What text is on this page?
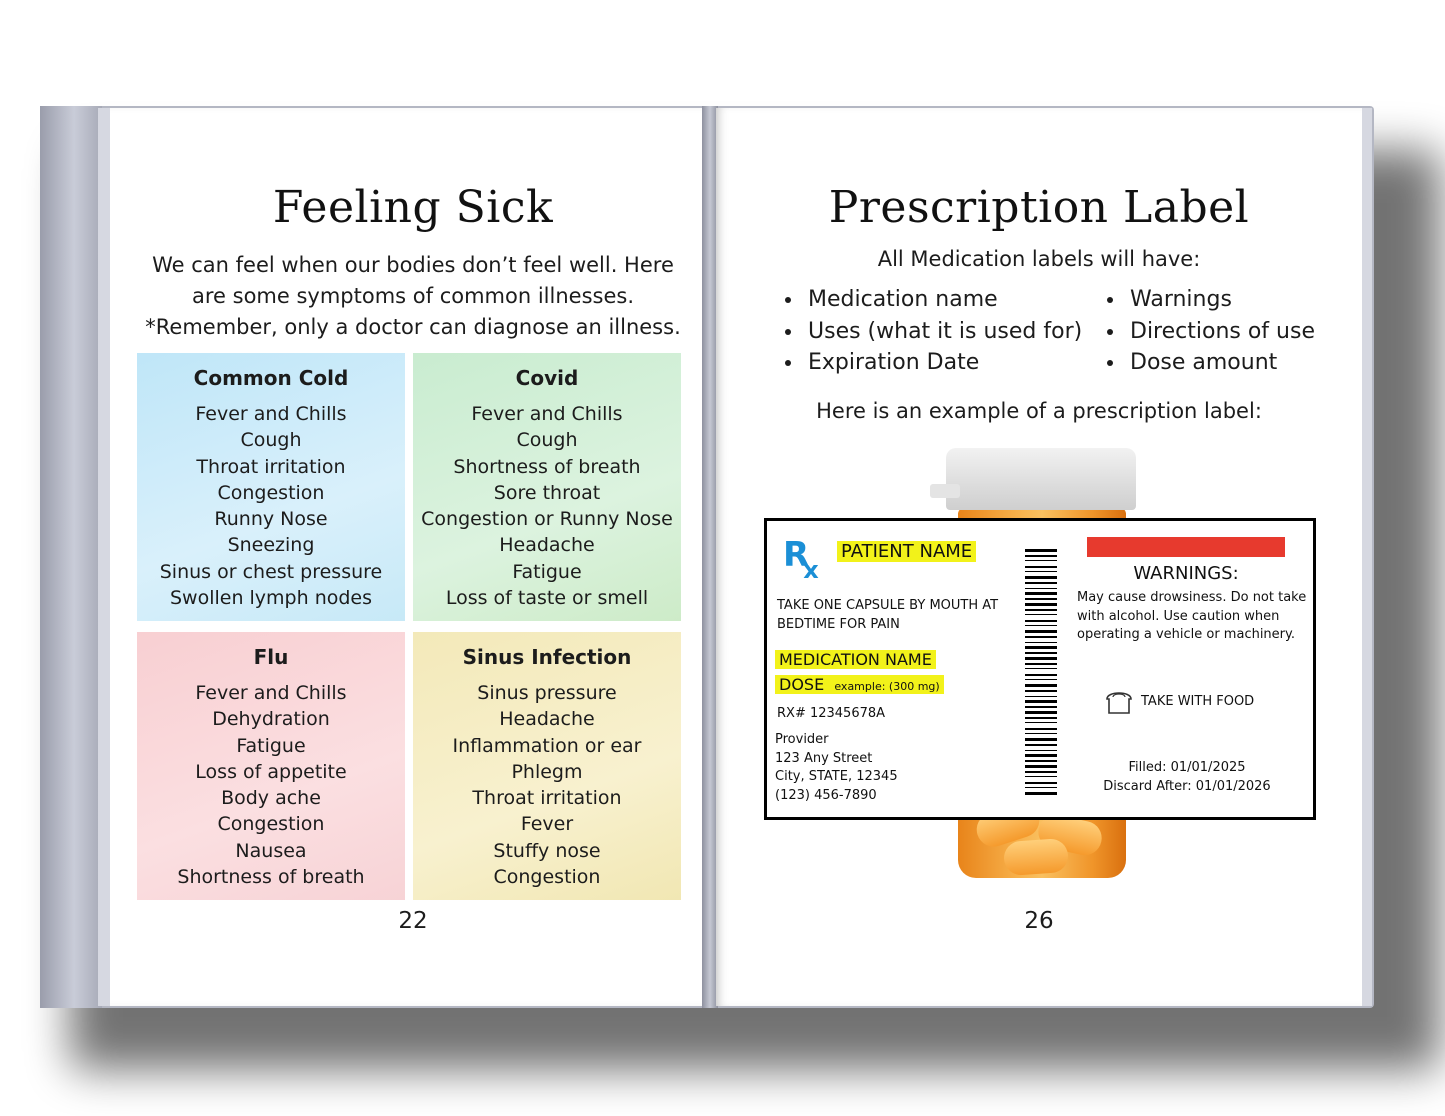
Feeling Sick
We can feel when our bodies don’t feel well. Here
are some symptoms of common illnesses.
*Remember, only a doctor can diagnose an illness.
Common Cold
Fever and Chills
Cough
Throat irritation
Congestion
Runny Nose
Sneezing
Sinus or chest pressure
Swollen lymph nodes
Covid
Fever and Chills
Cough
Shortness of breath
Sore throat
Congestion or Runny Nose
Headache
Fatigue
Loss of taste or smell
Flu
Fever and Chills
Dehydration
Fatigue
Loss of appetite
Body ache
Congestion
Nausea
Shortness of breath
Sinus Infection
Sinus pressure
Headache
Inflammation or ear
Phlegm
Throat irritation
Fever
Stuffy nose
Congestion
22
Prescription Label
All Medication labels will have:
• Medication name
• Uses (what it is used for)
• Expiration Date
• Warnings
• Directions of use
• Dose amount
Here is an example of a prescription label:
$R_x$
PATIENT NAME
TAKE ONE CAPSULE BY MOUTH AT
BEDTIME FOR PAIN
MEDICATION NAME
DOSE example: (300 mg)
RX# 12345678A
Provider
123 Any Street
City, STATE, 12345
(123) 456-7890
WARNINGS:
May cause drowsiness. Do not take
with alcohol. Use caution when
operating a vehicle or machinery.
TAKE WITH FOOD
Filled: 01/01/2025
Discard After: 01/01/2026
26
